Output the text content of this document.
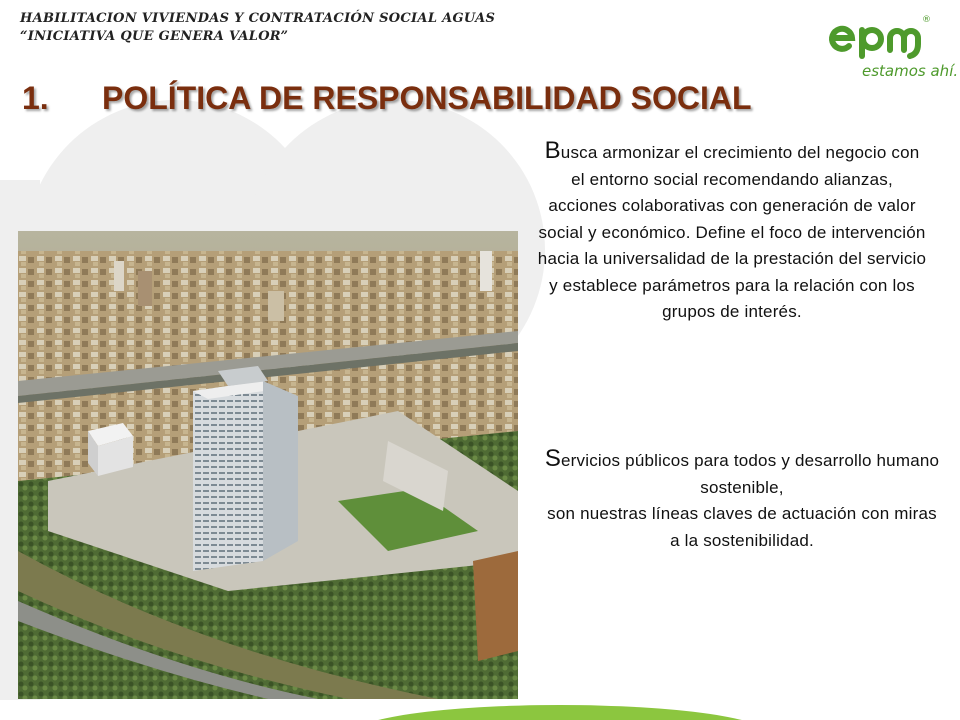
HABILITACION VIVIENDAS Y CONTRATACIÓN SOCIAL AGUAS
“INICIATIVA QUE GENERA VALOR”
®
estamos ahí.
1. POLÍTICA DE RESPONSABILIDAD SOCIAL
Busca armonizar el crecimiento del negocio con el entorno social recomendando alianzas, acciones colaborativas con generación de valor social y económico. Define el foco de intervención hacia la universalidad de la prestación del servicio y establece parámetros para la relación con los grupos de interés.
Servicios públicos para todos y desarrollo humano sostenible,
son nuestras líneas claves de actuación con miras
a la sostenibilidad.
